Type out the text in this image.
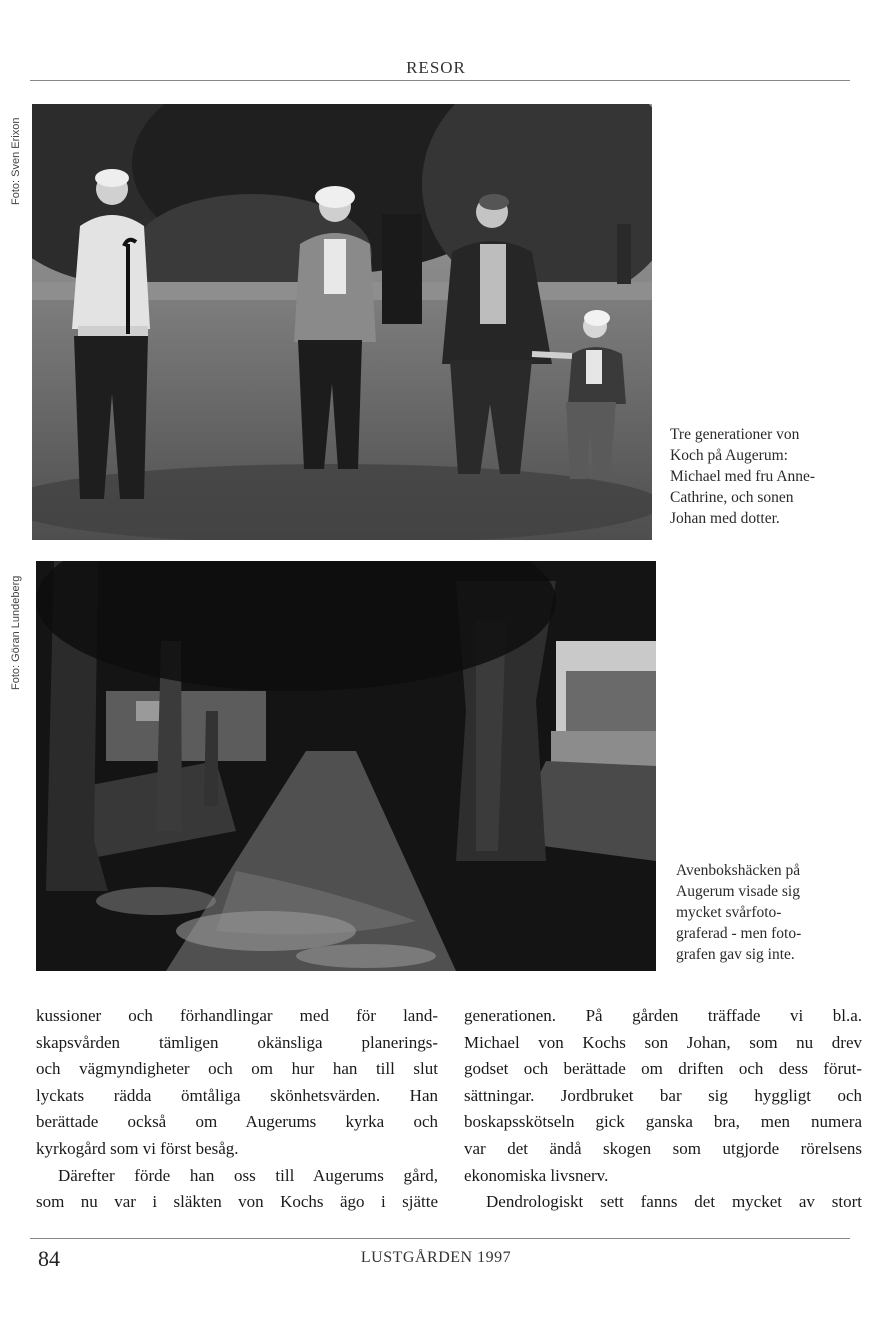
RESOR
Foto: Sven Erixon
Tre generationer von
Koch på Augerum:
Michael med fru Anne-
Cathrine, och sonen
Johan med dotter.
Foto: Göran Lundeberg
Avenbokshäcken på
Augerum visade sig
mycket svårfoto-
graferad - men foto-
grafen gav sig inte.
kussioner och förhandlingar med för land-
skapsvården tämligen okänsliga planerings-
och vägmyndigheter och om hur han till slut
lyckats rädda ömtåliga skönhetsvärden. Han
berättade också om Augerums kyrka och
kyrkogård som vi först besåg.
Därefter förde han oss till Augerums gård,
som nu var i släkten von Kochs ägo i sjätte
generationen. På gården träffade vi bl.a.
Michael von Kochs son Johan, som nu drev
godset och berättade om driften och dess förut-
sättningar. Jordbruket bar sig hyggligt och
boskapsskötseln gick ganska bra, men numera
var det ändå skogen som utgjorde rörelsens
ekonomiska livsnerv.
Dendrologiskt sett fanns det mycket av stort
84	LUSTGÅRDEN 1997
